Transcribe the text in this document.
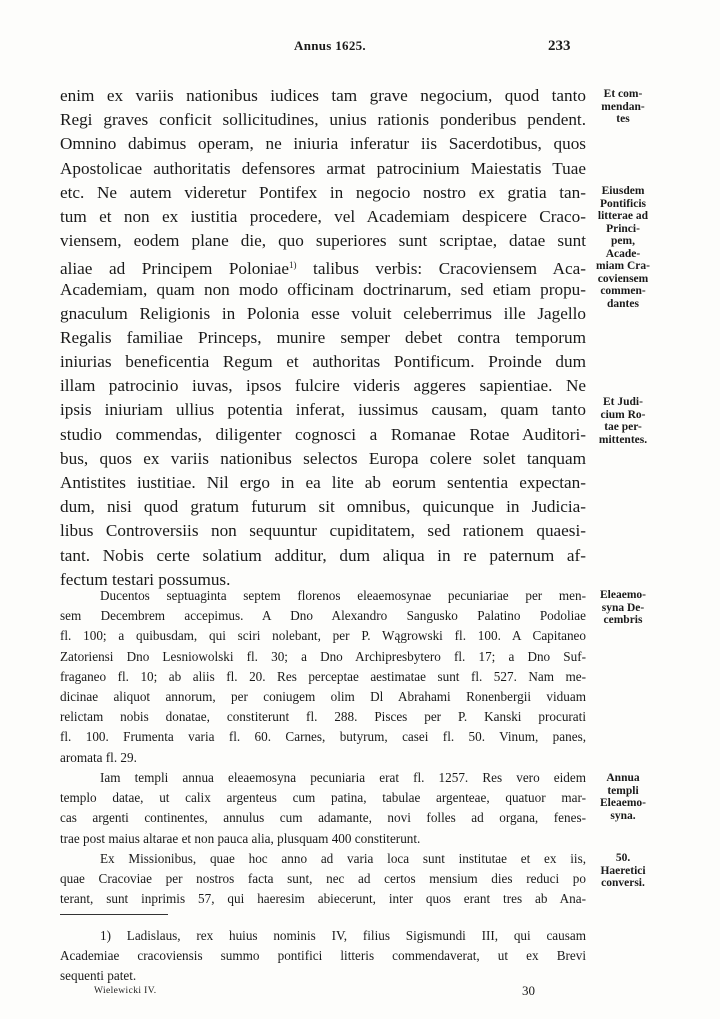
Annus 1625.	233
enim ex variis nationibus iudices tam grave negocium, quod tanto
Regi graves conficit sollicitudines, unius rationis ponderibus pendent.
Omnino dabimus operam, ne iniuria inferatur iis Sacerdotibus, quos
Apostolicae authoritatis defensores armat patrocinium Maiestatis Tuae
etc. Ne autem videretur Pontifex in negocio nostro ex gratia tan-
tum et non ex iustitia procedere, vel Academiam despicere Craco-
viensem, eodem plane die, quo superiores sunt scriptae, datae sunt
aliae ad Principem Poloniae$^{1)}$ talibus verbis: Cracoviensem Aca-
Academiam, quam non modo officinam doctrinarum, sed etiam propu-
gnaculum Religionis in Polonia esse voluit celeberrimus ille Jagello
Regalis familiae Princeps, munire semper debet contra temporum
iniurias beneficentia Regum et authoritas Pontificum. Proinde dum
illam patrocinio iuvas, ipsos fulcire videris aggeres sapientiae. Ne
ipsis iniuriam ullius potentia inferat, iussimus causam, quam tanto
studio commendas, diligenter cognosci a Romanae Rotae Auditori-
bus, quos ex variis nationibus selectos Europa colere solet tanquam
Antistites iustitiae. Nil ergo in ea lite ab eorum sententia expectan-
dum, nisi quod gratum futurum sit omnibus, quicunque in Judicia-
libus Controversiis non sequuntur cupiditatem, sed rationem quaesi-
tant. Nobis certe solatium additur, dum aliqua in re paternum af-
fectum testari possumus.
Ducentos septuaginta septem florenos eleaemosynae pecuniariae per men-
sem Decembrem accepimus. A Dno Alexandro Sangusko Palatino Podoliae
fl. 100; a quibusdam, qui sciri nolebant, per P. Wągrowski fl. 100. A Capitaneo
Zatoriensi Dno Lesniowolski fl. 30; a Dno Archipresbytero fl. 17; a Dno Suf-
fraganeo fl. 10; ab aliis fl. 20. Res perceptae aestimatae sunt fl. 527. Nam me-
dicinae aliquot annorum, per coniugem olim Dl Abrahami Ronenbergii viduam
relictam nobis donatae, constiterunt fl. 288. Pisces per P. Kanski procurati
fl. 100. Frumenta varia fl. 60. Carnes, butyrum, casei fl. 50. Vinum, panes,
aromata fl. 29.
Iam templi annua eleaemosyna pecuniaria erat fl. 1257. Res vero eidem
templo datae, ut calix argenteus cum patina, tabulae argenteae, quatuor mar-
cas argenti continentes, annulus cum adamante, novi folles ad organa, fenes-
trae post maius altarae et non pauca alia, plusquam 400 constiterunt.
Ex Missionibus, quae hoc anno ad varia loca sunt institutae et ex iis,
quae Cracoviae per nostros facta sunt, nec ad certos mensium dies reduci po
terant, sunt inprimis 57, qui haeresim abiecerunt, inter quos erant tres ab Ana-
Et com-
mendan-
tes
Eiusdem
Pontificis
litterae ad
Princi-
pem,
Acade-
miam Cra-
coviensem
commen-
dantes
Et Judi-
cium Ro-
tae per-
mittentes.
Eleaemo-
syna De-
cembris
Annua
templi
Eleaemo-
syna.
50.
Haeretici
conversi.
1) Ladislaus, rex huius nominis IV, filius Sigismundi III, qui causam
Academiae cracoviensis summo pontifici litteris commendaverat, ut ex Brevi
sequenti patet.
Wielewicki IV.	30
